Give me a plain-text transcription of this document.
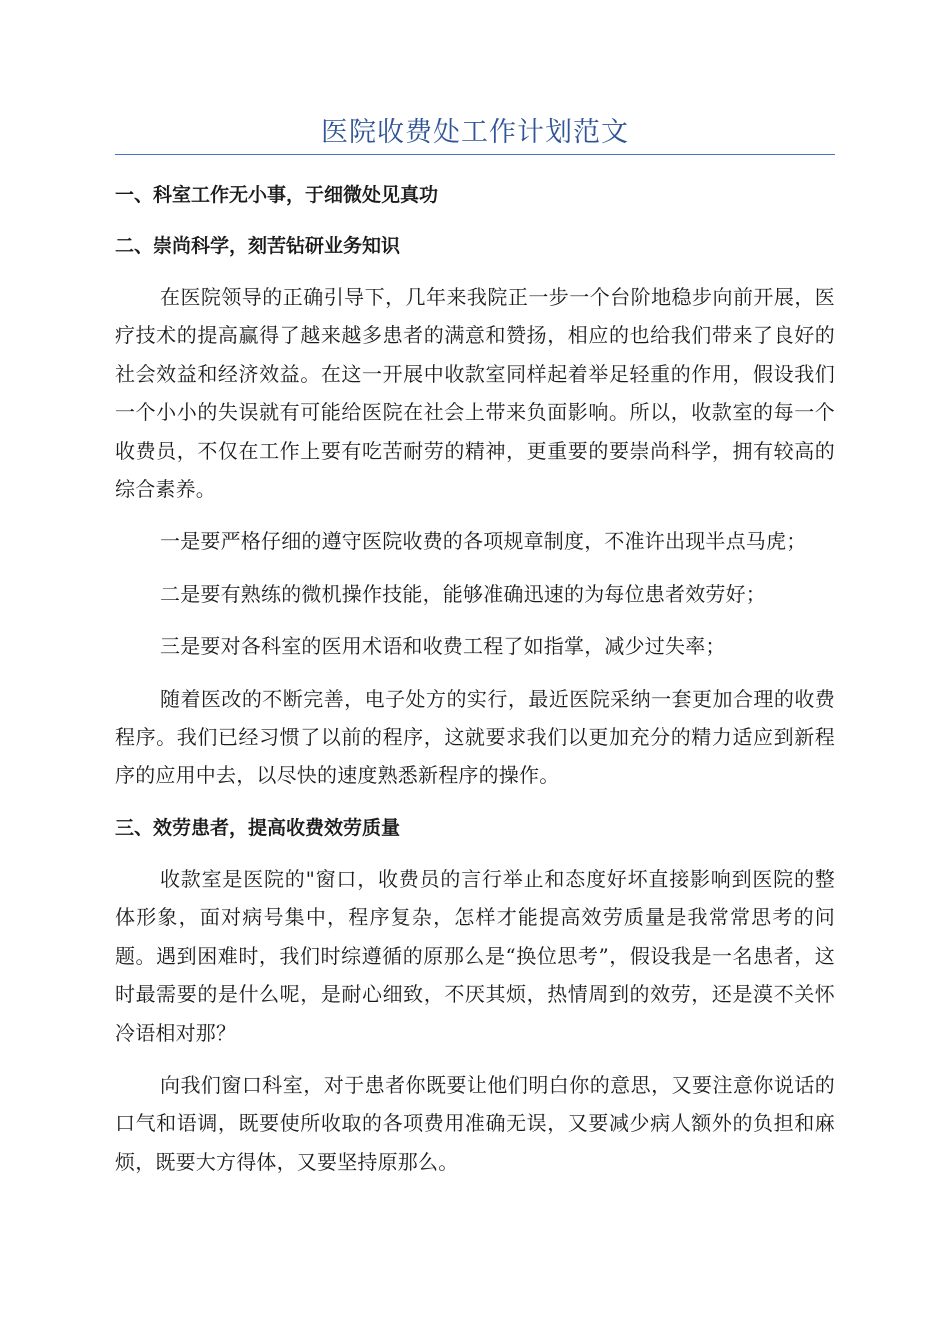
医院收费处工作计划范文

一、科室工作无小事，于细微处见真功

二、崇尚科学，刻苦钻研业务知识

在医院领导的正确引导下，几年来我院正一步一个台阶地稳步向前开展，医疗技术的提高赢得了越来越多患者的满意和赞扬，相应的也给我们带来了良好的社会效益和经济效益。在这一开展中收款室同样起着举足轻重的作用，假设我们一个小小的失误就有可能给医院在社会上带来负面影响。所以，收款室的每一个收费员，不仅在工作上要有吃苦耐劳的精神，更重要的要崇尚科学，拥有较高的综合素养。

一是要严格仔细的遵守医院收费的各项规章制度，不准许出现半点马虎；

二是要有熟练的微机操作技能，能够准确迅速的为每位患者效劳好；

三是要对各科室的医用术语和收费工程了如指掌，减少过失率；

随着医改的不断完善，电子处方的实行，最近医院采纳一套更加合理的收费程序。我们已经习惯了以前的程序，这就要求我们以更加充分的精力适应到新程序的应用中去，以尽快的速度熟悉新程序的操作。

三、效劳患者，提高收费效劳质量

收款室是医院的"窗口，收费员的言行举止和态度好坏直接影响到医院的整体形象，面对病号集中，程序复杂，怎样才能提高效劳质量是我常常思考的问题。遇到困难时，我们时综遵循的原那么是“换位思考”，假设我是一名患者，这时最需要的是什么呢，是耐心细致，不厌其烦，热情周到的效劳，还是漠不关怀冷语相对那？

向我们窗口科室，对于患者你既要让他们明白你的意思，又要注意你说话的口气和语调，既要使所收取的各项费用准确无误，又要减少病人额外的负担和麻烦，既要大方得体，又要坚持原那么。
